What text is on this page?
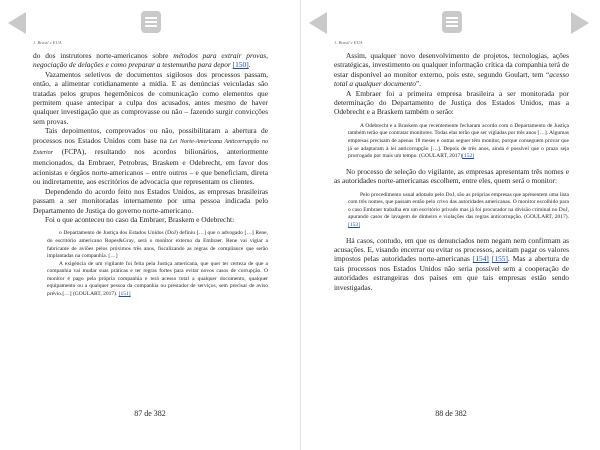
1. Brasil e EUA

do dos instrutores norte-americanos sobre métodos para extrair provas, negociação de delações e como preparar a testemunha para depor [150].

Vazamentos seletivos de documentos sigilosos dos processos passam, então, a alimentar cotidianamente a mídia. E as denúncias veiculadas são tratadas pelos grupos hegemônicos de comunicação como elementos que permitem quase antecipar a culpa dos acusados, antes mesmo de haver qualquer investigação que as comprovasse ou não – fazendo surgir convicções sem provas.

Tais depoimentos, comprovados ou não, possibilitaram a abertura de processos nos Estados Unidos com base na Lei Norte-Americana Anticorrupção no Exterior (FCPA), resultando nos acordos bilionários, anteriormente mencionados, da Embraer, Petrobras, Braskem e Odebrecht, em favor dos acionistas e órgãos norte-americanos – entre outros – e que beneficiam, direta ou indiretamente, aos escritórios de advocacia que representam os clientes.

Dependendo do acordo feito nos Estados Unidos, as empresas brasileiras passam a ser monitoradas internamente por uma pessoa indicada pelo Departamento de Justiça do governo norte-americano.

Foi o que aconteceu no caso da Embraer, Braskem e Odebrecht:

o Departamento de Justiça dos Estados Unidos (DoJ) definiu […] que o advogado […] Rene, do escritório americano Ropes&Gray, será o monitor externo da Embraer. Rene vai vigiar a fabricante de aviões pelos próximos três anos, fiscalizando as regras de compliance que serão implantadas na companhia. […]

A exigência de um vigilante foi feita pela Justiça americana, que quer ter certeza de que a companhia vai mudar suas práticas e ter regras fortes para evitar novos casos de corrupção. O monitor é pago pela própria companhia e terá acesso total a qualquer documento, qualquer equipamento ou a qualquer pessoa da companhia ou prestador de serviços, sem precisar de aviso prévio.[…] (GOULART, 2017). [151]

87 de 382
1. Brasil e EUA

Assim, qualquer novo desenvolvimento de projetos, tecnologias, ações estratégicas, investimento ou qualquer informação crítica da companhia terá de estar disponível ao monitor externo, pois este, segundo Goulart, tem “acesso total a qualquer documento”.

A Embraer foi a primeira empresa brasileira a ser monitorada por determinação do Departamento de Justiça dos Estados Unidos, mas a Odebrecht e a Braskem também o serão:

A Odebrecht e a Braskem que recentemente fecharam acordo com o Departamento de Justiça também terão que contratar monitores. Todas elas terão que ser vigiadas por três anos […]. Algumas empresas precisam de apenas 18 meses e outras seguer têm monitor, porque conseguem provar que já se adaptaram à lei anticorrupção […]. Depois de três anos, ainda é possível que o prazo seja prorrogado por mais um tempo. (GOULART, 2017)[152]

No processo de seleção do vigilante, as empresas apresentam três nomes e as autoridades norte-americanas escolhem, entre eles, quem será o monitor:

Pelo procedimento usual adotado pelo DoJ, são as próprias empresas que apresentem uma lista com três nomes, que passam então pelo crivo das autoridades americanas. O monitor escolhido para o caso Embraer trabalha em um escritório privado mas já foi procurador na divisão criminal no DoJ, apurando casos de lavagem de dinheiro e violações das regras anticorrupção. (GOULART, 2017). [153]

Há casos, contudo, em que os denunciados nem negam nem confirmam as acusações. E, visando encerrar ou evitar os processos, aceitam pagar os valores impostos pelas autoridades norte-americanas [154] [155]. Mas a abertura de tais processos nos Estados Unidos não seria possível sem a cooperação de autoridades estrangeiras dos países em que tais empresas estão sendo investigadas.

88 de 382
